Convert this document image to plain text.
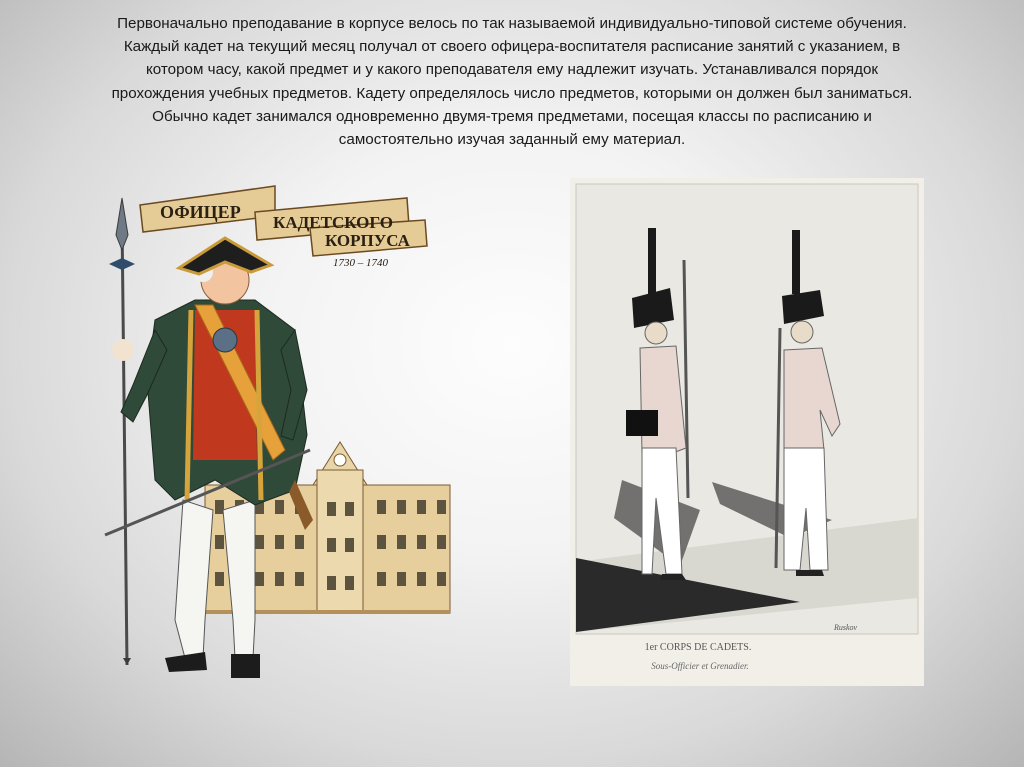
Первоначально преподавание в корпусе велось по так называемой индивидуально-типовой системе обучения.
Каждый кадет на текущий месяц получал от своего офицера-воспитателя расписание занятий с указанием, в
котором часу, какой предмет и у какого преподавателя ему надлежит изучать. Устанавливался порядок
прохождения учебных предметов. Кадету определялось число предметов, которыми он должен был заниматься.
Обычно кадет занимался одновременно двумя-тремя предметами, посещая классы по расписанию и
самостоятельно изучая заданный ему материал.
ОФИЦЕР
КАДЕТСКОГО
КОРПУСА
1730 – 1740
Ruskov
1er CORPS DE CADETS.
Sous-Officier et Grenadier.
